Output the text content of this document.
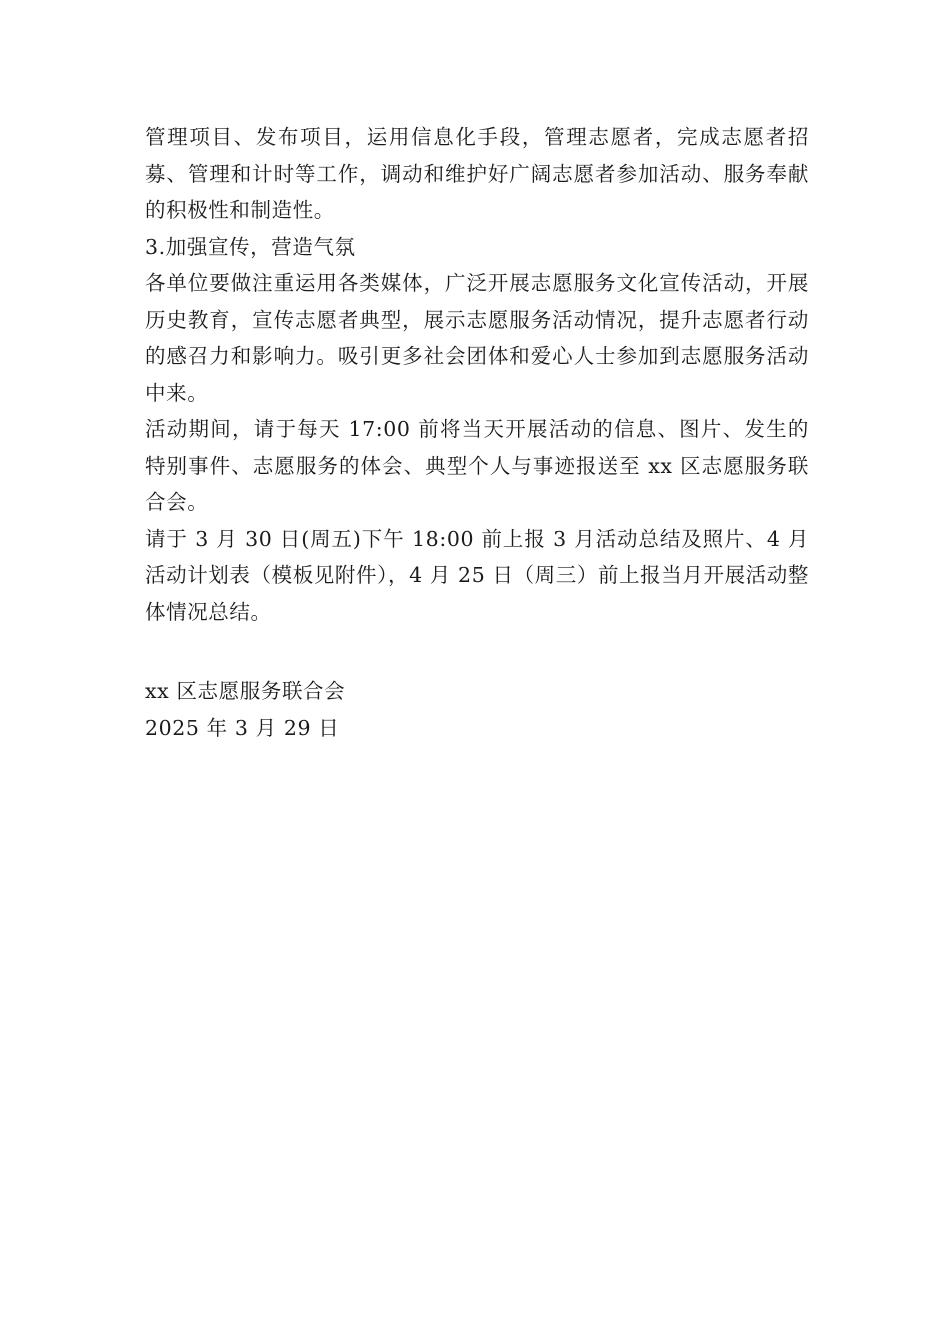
管理项目、发布项目，运用信息化手段，管理志愿者，完成志愿者招募、管理和计时等工作，调动和维护好广阔志愿者参加活动、服务奉献的积极性和制造性。

3.加强宣传，营造气氛

各单位要做注重运用各类媒体，广泛开展志愿服务文化宣传活动，开展历史教育，宣传志愿者典型，展示志愿服务活动情况，提升志愿者行动的感召力和影响力。吸引更多社会团体和爱心人士参加到志愿服务活动中来。

活动期间，请于每天 17:00 前将当天开展活动的信息、图片、发生的特别事件、志愿服务的体会、典型个人与事迹报送至 xx 区志愿服务联合会。

请于 3 月 30 日(周五)下午 18:00 前上报 3 月活动总结及照片、4 月活动计划表（模板见附件），4 月 25 日（周三）前上报当月开展活动整体情况总结。

xx 区志愿服务联合会
2025 年 3 月 29 日
